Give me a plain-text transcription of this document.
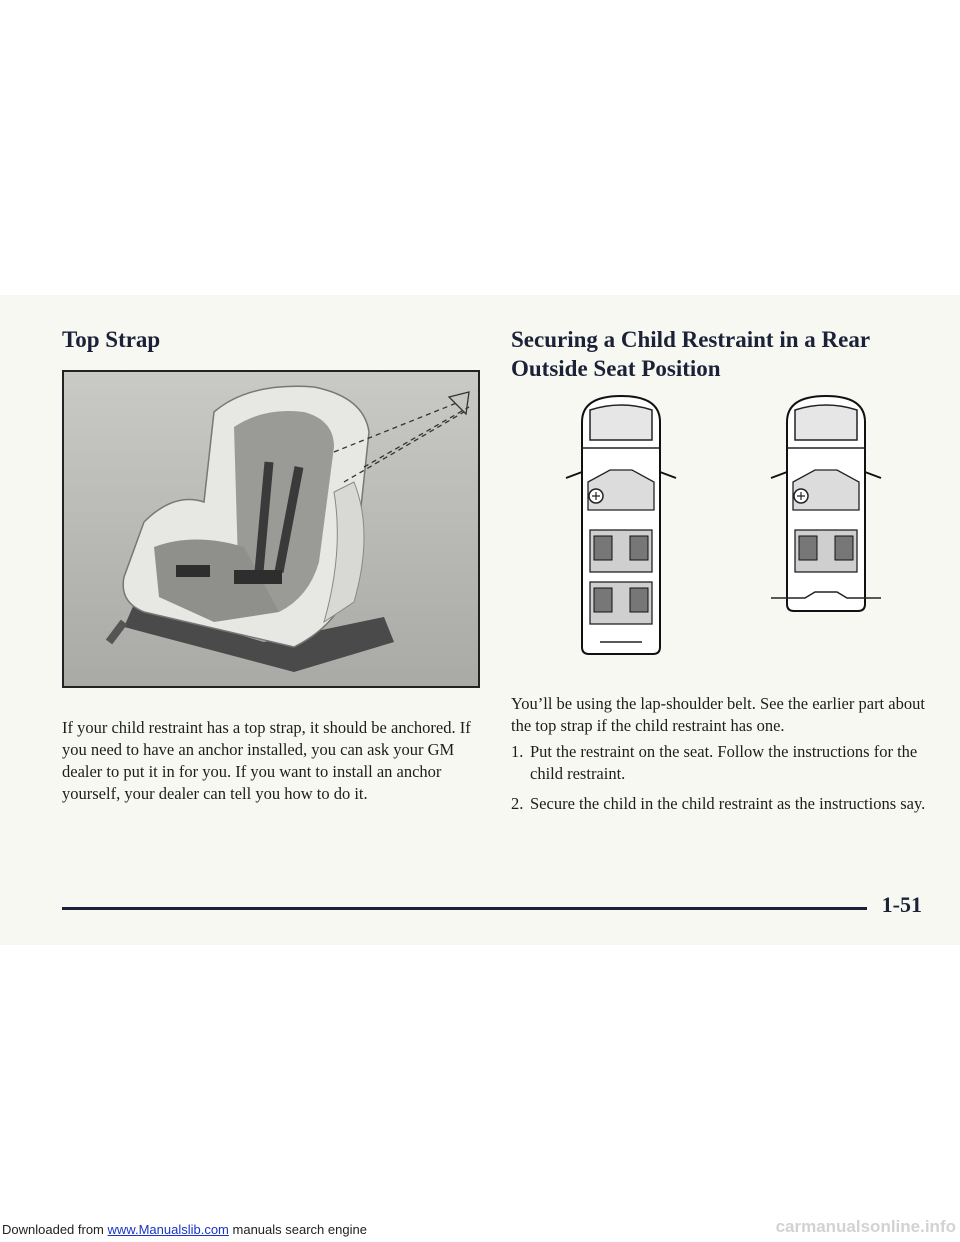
Top Strap	Securing a Child Restraint in a Rear Outside Seat Position

If your child restraint has a top strap, it should be anchored. If you need to have an anchor installed, you can ask your GM dealer to put it in for you. If you want to install an anchor yourself, your dealer can tell you how to do it.

You’ll be using the lap-shoulder belt. See the earlier part about the top strap if the child restraint has one.

1. Put the restraint on the seat. Follow the instructions for the child restraint.
2. Secure the child in the child restraint as the instructions say.
1-51
Downloaded from www.Manualslib.com manuals search engine	carmanualsonline.info
